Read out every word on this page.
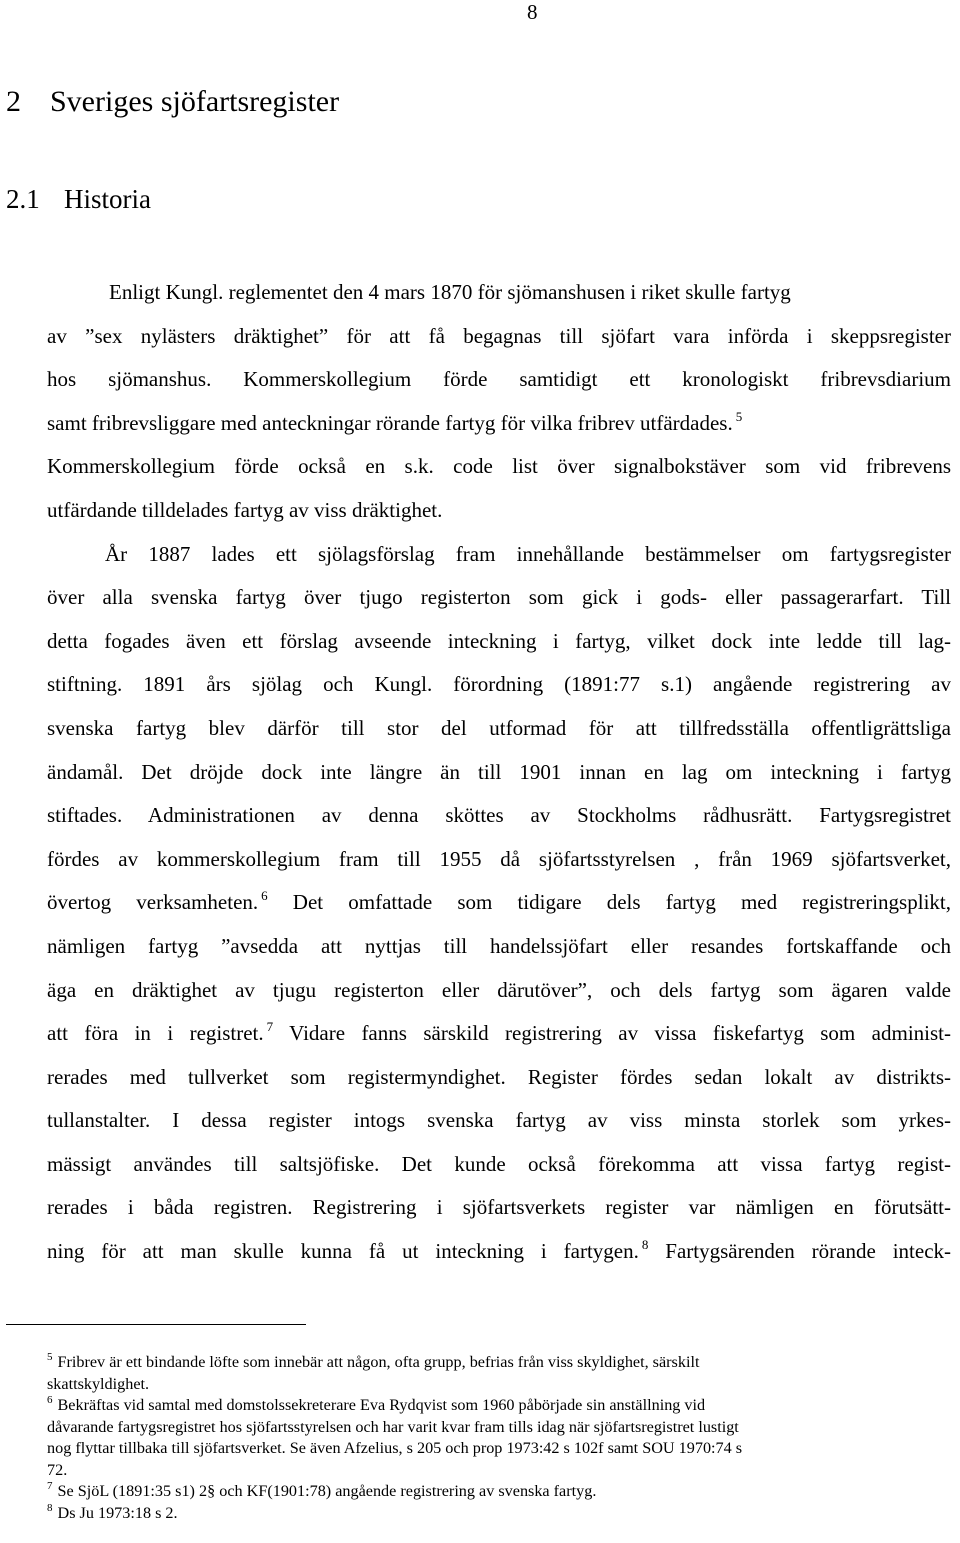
8
2 Sveriges sjöfartsregister
2.1 Historia
Enligt Kungl. reglementet den 4 mars 1870 för sjömanshusen i riket skulle fartyg
av ”sex nylästers dräktighet” för att få begagnas till sjöfart vara införda i skeppsregister
hos sjömanshus. Kommerskollegium förde samtidigt ett kronologiskt fribrevsdiarium
samt fribrevsliggare med anteckningar rörande fartyg för vilka fribrev utfärdades. $^5$
Kommerskollegium förde också en s.k. code list över signalbokstäver som vid fribrevens
utfärdande tilldelades fartyg av viss dräktighet.
År 1887 lades ett sjölagsförslag fram innehållande bestämmelser om fartygsregister
över alla svenska fartyg över tjugo registerton som gick i gods- eller passagerarfart. Till
detta fogades även ett förslag avseende inteckning i fartyg, vilket dock inte ledde till lag-
stiftning. 1891 års sjölag och Kungl. förordning (1891:77 s.1) angående registrering av
svenska fartyg blev därför till stor del utformad för att tillfredsställa offentligrättsliga
ändamål. Det dröjde dock inte längre än till 1901 innan en lag om inteckning i fartyg
stiftades. Administrationen av denna sköttes av Stockholms rådhusrätt. Fartygsregistret
fördes av kommerskollegium fram till 1955 då sjöfartsstyrelsen , från 1969 sjöfartsverket,
övertog verksamheten. $^6$ Det omfattade som tidigare dels fartyg med registreringsplikt,
nämligen fartyg ”avsedda att nyttjas till handelssjöfart eller resandes fortskaffande och
äga en dräktighet av tjugu registerton eller därutöver”, och dels fartyg som ägaren valde
att föra in i registret. $^7$ Vidare fanns särskild registrering av vissa fiskefartyg som administ-
rerades med tullverket som registermyndighet. Register fördes sedan lokalt av distrikts-
tullanstalter. I dessa register intogs svenska fartyg av viss minsta storlek som yrkes-
mässigt användes till saltsjöfiske. Det kunde också förekomma att vissa fartyg regist-
rerades i båda registren. Registrering i sjöfartsverkets register var nämligen en förutsätt-
ning för att man skulle kunna få ut inteckning i fartygen. $^8$ Fartygsärenden rörande inteck-
$^5$ Fribrev är ett bindande löfte som innebär att någon, ofta grupp, befrias från viss skyldighet, särskilt
skattskyldighet.
$^6$ Bekräftas vid samtal med domstolssekreterare Eva Rydqvist som 1960 påbörjade sin anställning vid
dåvarande fartygsregistret hos sjöfartsstyrelsen och har varit kvar fram tills idag när sjöfartsregistret lustigt
nog flyttar tillbaka till sjöfartsverket. Se även Afzelius, s 205 och prop 1973:42 s 102f samt SOU 1970:74 s
72.
$^7$ Se SjöL (1891:35 s1) 2§ och KF(1901:78) angående registrering av svenska fartyg.
$^8$ Ds Ju 1973:18 s 2.
